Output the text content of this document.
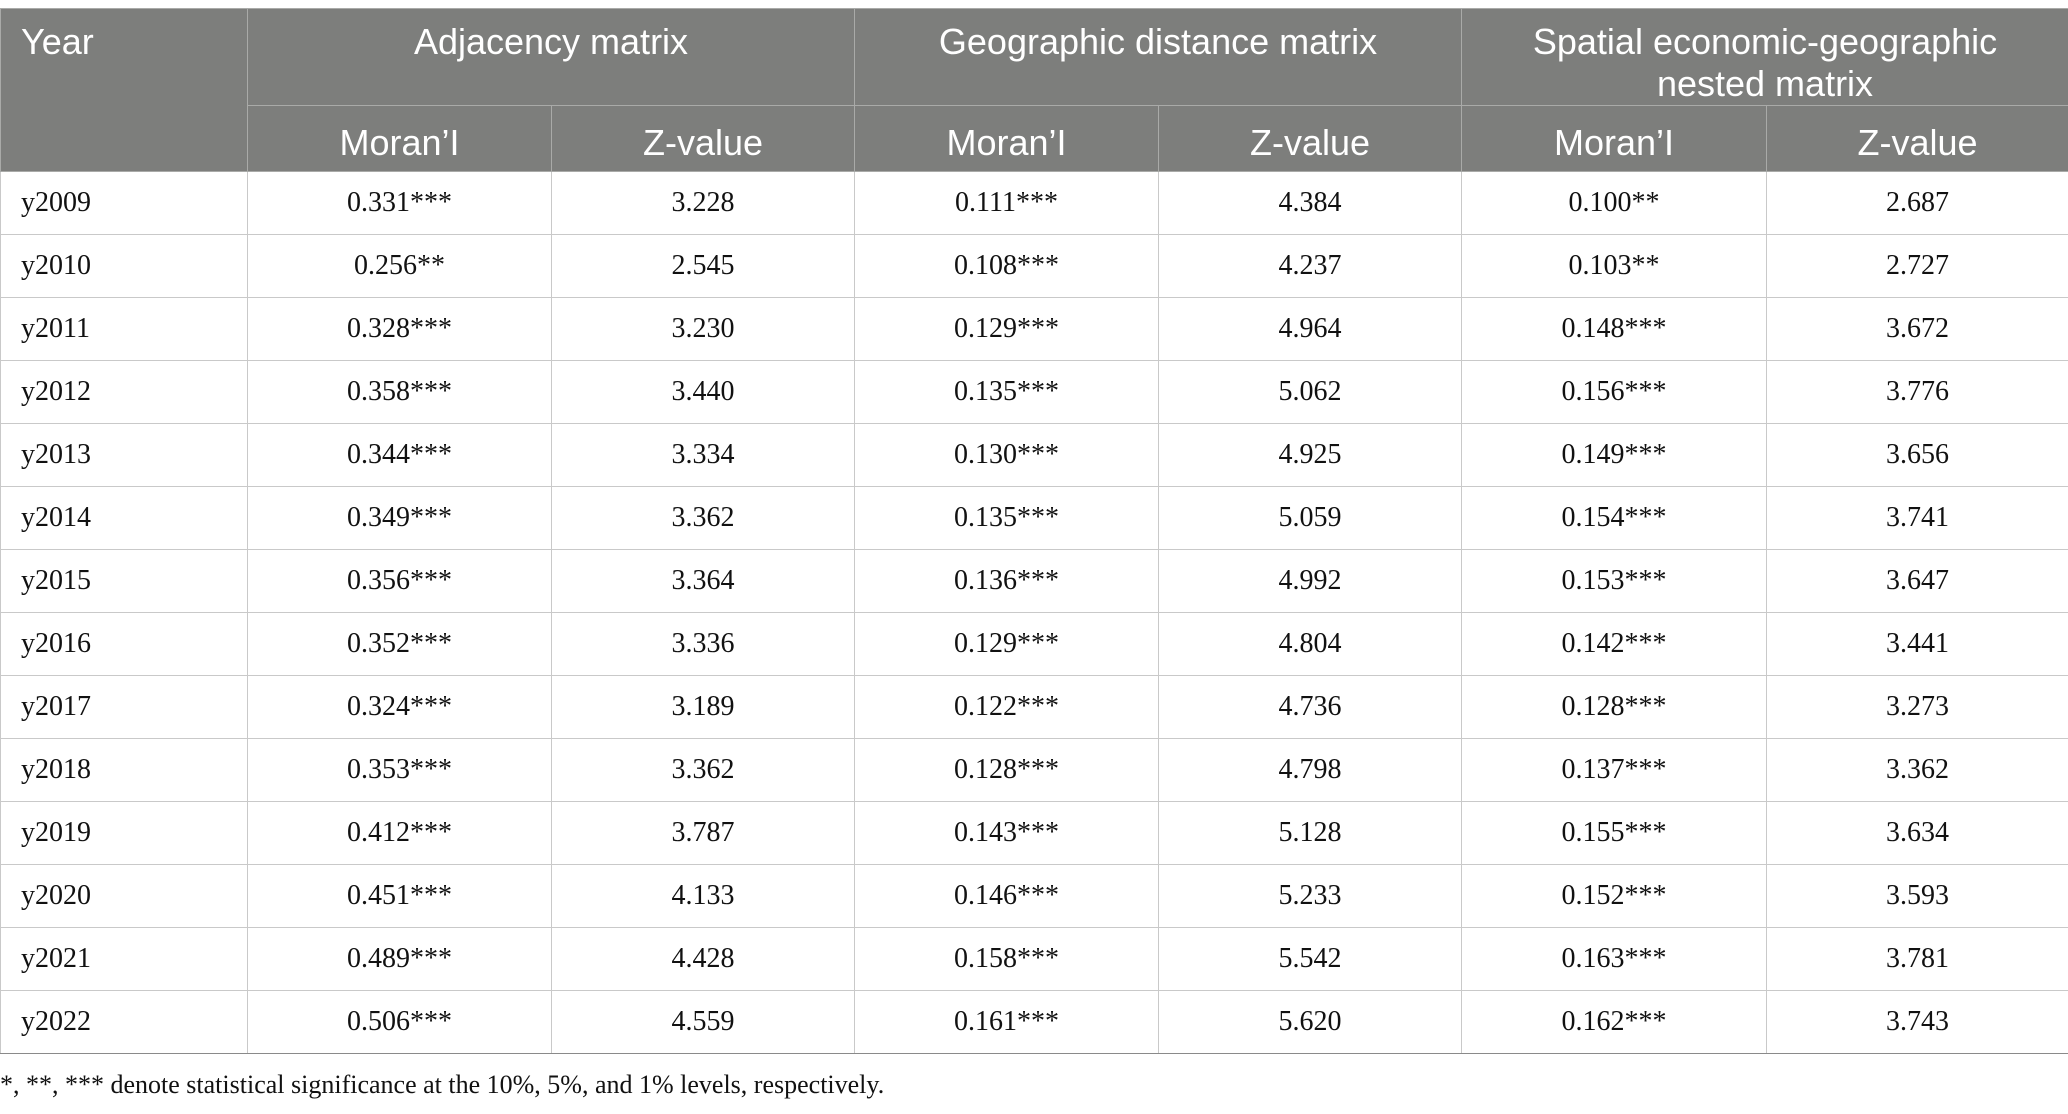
Year	Adjacency matrix		Geographic distance matrix		Spatial economic-geographic nested matrix	
	Moran’I	Z-value	Moran’I	Z-value	Moran’I	Z-value
y2009	0.331***	3.228	0.111***	4.384	0.100**	2.687
y2010	0.256**	2.545	0.108***	4.237	0.103**	2.727
y2011	0.328***	3.230	0.129***	4.964	0.148***	3.672
y2012	0.358***	3.440	0.135***	5.062	0.156***	3.776
y2013	0.344***	3.334	0.130***	4.925	0.149***	3.656
y2014	0.349***	3.362	0.135***	5.059	0.154***	3.741
y2015	0.356***	3.364	0.136***	4.992	0.153***	3.647
y2016	0.352***	3.336	0.129***	4.804	0.142***	3.441
y2017	0.324***	3.189	0.122***	4.736	0.128***	3.273
y2018	0.353***	3.362	0.128***	4.798	0.137***	3.362
y2019	0.412***	3.787	0.143***	5.128	0.155***	3.634
y2020	0.451***	4.133	0.146***	5.233	0.152***	3.593
y2021	0.489***	4.428	0.158***	5.542	0.163***	3.781
y2022	0.506***	4.559	0.161***	5.620	0.162***	3.743
*, **, *** denote statistical significance at the 10%, 5%, and 1% levels, respectively.
